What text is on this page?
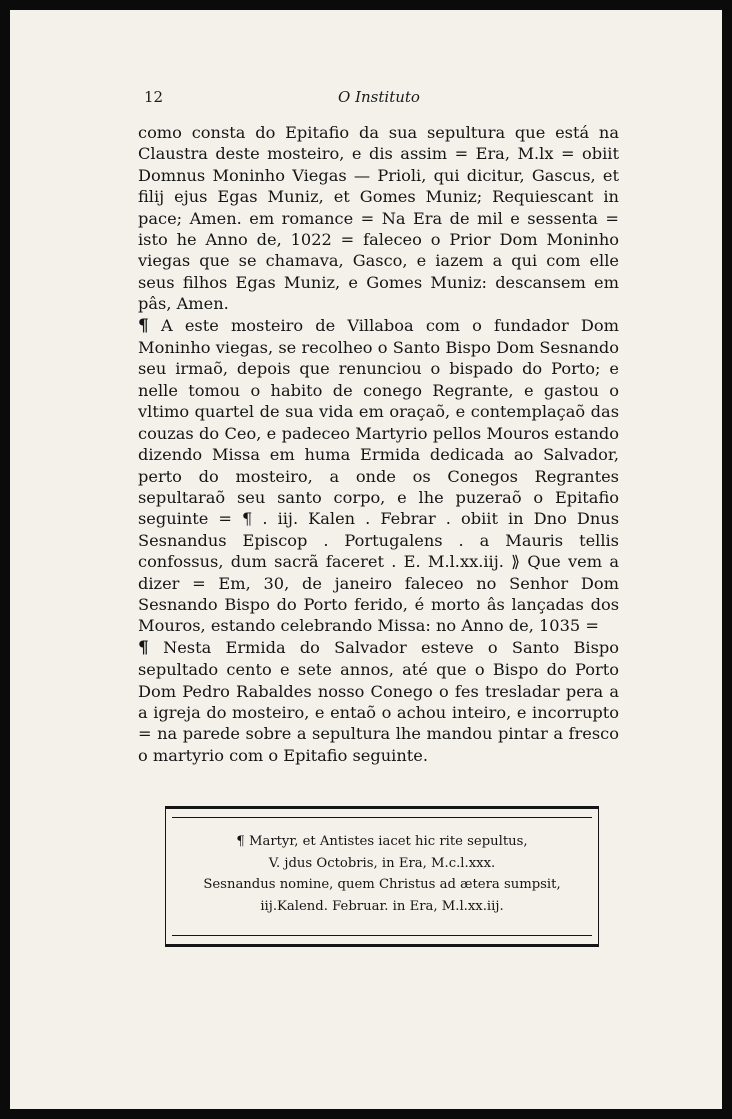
12	O Instituto

como consta do Epitafio da sua sepultura que está na Claustra deste mosteiro, e dis assim = Era, M.lx = obiit Domnus Moninho Viegas — Prioli, qui dicitur, Gascus, et filij ejus Egas Muniz, et Gomes Muniz; Requiescant in pace; Amen. em romance = Na Era de mil e sessenta = isto he Anno de, 1022 = faleceo o Prior Dom Moninho viegas que se chamava, Gasco, e iazem a qui com elle seus filhos Egas Muniz, e Gomes Muniz: descansem em pâs, Amen.

¶ A este mosteiro de Villaboa com o fundador Dom Moninho viegas, se recolheo o Santo Bispo Dom Sesnando seu irmaõ, depois que renunciou o bispado do Porto; e nelle tomou o habito de conego Regrante, e gastou o vltimo quartel de sua vida em oraçaõ, e contemplaçaõ das couzas do Ceo, e padeceo Martyrio pellos Mouros estando dizendo Missa em huma Ermida dedicada ao Salvador, perto do mosteiro, a onde os Conegos Regrantes sepultaraõ seu santo corpo, e lhe puzeraõ o Epitafio seguinte = ¶ . iij. Kalen . Febrar . obiit in Dno Dnus Sesnandus Episcop . Portugalens . a Mauris tellis confossus, dum sacrã faceret . E. M.l.xx.iij. ⟫ Que vem a dizer = Em, 30, de janeiro faleceo no Senhor Dom Sesnando Bispo do Porto ferido, é morto âs lançadas dos Mouros, estando celebrando Missa: no Anno de, 1035 =

¶ Nesta Ermida do Salvador esteve o Santo Bispo sepultado cento e sete annos, até que o Bispo do Porto Dom Pedro Rabaldes nosso Conego o fes tresladar pera a a igreja do mosteiro, e entaõ o achou inteiro, e incorrupto = na parede sobre a sepultura lhe mandou pintar a fresco o martyrio com o Epitafio seguinte.

¶ Martyr, et Antistes iacet hic rite sepultus,
V. jdus Octobris, in Era, M.c.l.xxx.
Sesnandus nomine, quem Christus ad ætera sumpsit,
iij.Kalend. Februar. in Era, M.l.xx.iij.
